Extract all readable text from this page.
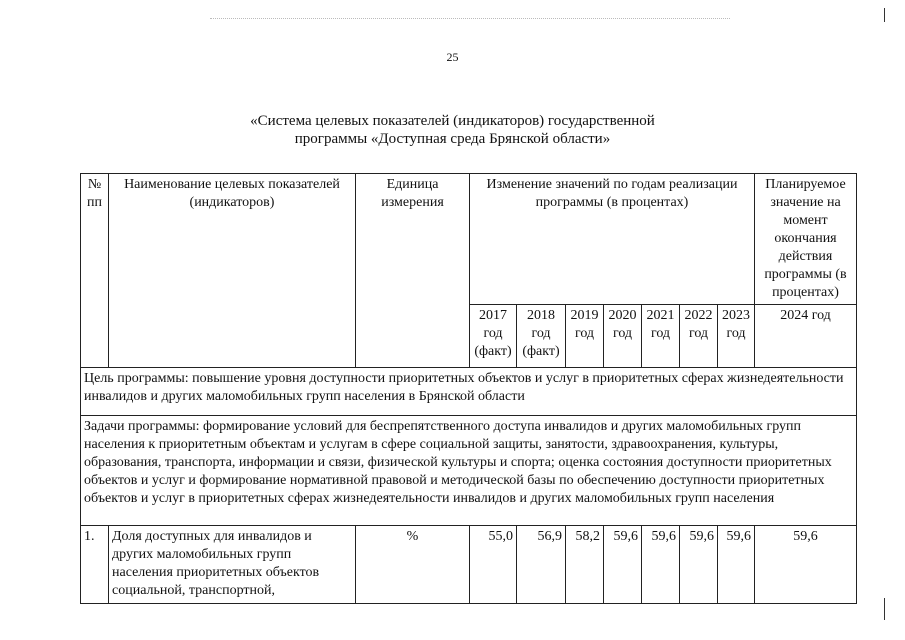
25
«Система целевых показателей (индикаторов) государственной
программы «Доступная среда Брянской области»
№ пп	Наименование целевых показателей (индикаторов)	Единица измерения	Изменение значений по годам реализации программы (в процентах)							Планируемое значение на момент окончания действия программы (в процентах)
			2017 год (факт)	2018 год (факт)	2019 год	2020 год	2021 год	2022 год	2023 год	2024 год
Цель программы: повышение уровня доступности приоритетных объектов и услуг в приоритетных сферах жизнедеятельности инвалидов и других маломобильных групп населения в Брянской области										
Задачи программы: формирование условий для беспрепятственного доступа инвалидов и других маломобильных групп населения к приоритетным объектам и услугам в сфере социальной защиты, занятости, здравоохранения, культуры, образования, транспорта, информации и связи, физической культуры и спорта; оценка состояния доступности приоритетных объектов и услуг и формирование нормативной правовой и методической базы по обеспечению доступности приоритетных объектов и услуг в приоритетных сферах жизнедеятельности инвалидов и других маломобильных групп населения										
1.	Доля доступных для инвалидов и других маломобильных групп населения приоритетных объектов социальной, транспортной,	%	55,0	56,9	58,2	59,6	59,6	59,6	59,6	59,6
